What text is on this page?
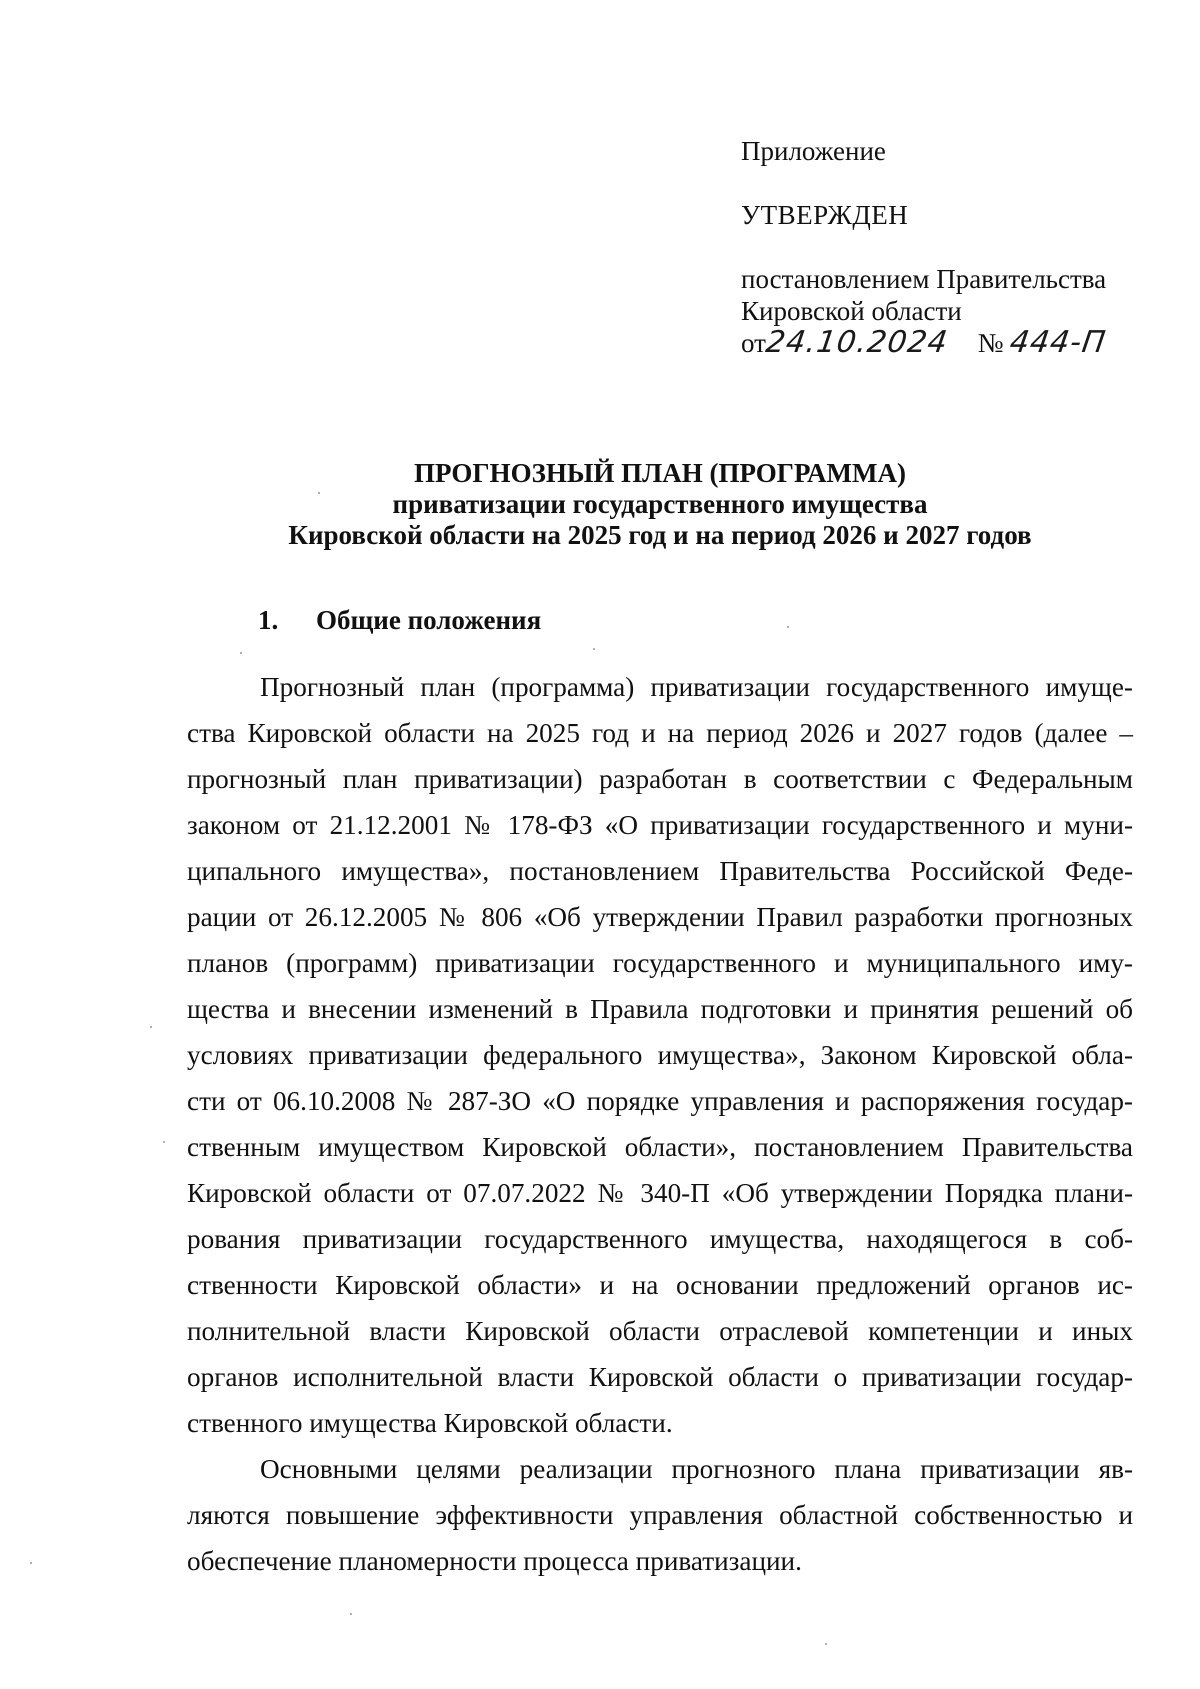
Приложение
УТВЕРЖДЕН
постановлением Правительства
Кировской области
от24.10.2024 № 444-П
ПРОГНОЗНЫЙ ПЛАН (ПРОГРАММА)
приватизации государственного имущества
Кировской области на 2025 год и на период 2026 и 2027 годов
1. Общие положения
Прогнозный план (программа) приватизации государственного имуще-
ства Кировской области на 2025 год и на период 2026 и 2027 годов (далее –
прогнозный план приватизации) разработан в соответствии с Федеральным
законом от 21.12.2001 № 178-ФЗ «О приватизации государственного и муни-
ципального имущества», постановлением Правительства Российской Феде-
рации от 26.12.2005 № 806 «Об утверждении Правил разработки прогнозных
планов (программ) приватизации государственного и муниципального иму-
щества и внесении изменений в Правила подготовки и принятия решений об
условиях приватизации федерального имущества», Законом Кировской обла-
сти от 06.10.2008 № 287-ЗО «О порядке управления и распоряжения государ-
ственным имуществом Кировской области», постановлением Правительства
Кировской области от 07.07.2022 № 340-П «Об утверждении Порядка плани-
рования приватизации государственного имущества, находящегося в соб-
ственности Кировской области» и на основании предложений органов ис-
полнительной власти Кировской области отраслевой компетенции и иных
органов исполнительной власти Кировской области о приватизации государ-
ственного имущества Кировской области.
Основными целями реализации прогнозного плана приватизации яв-
ляются повышение эффективности управления областной собственностью и
обеспечение планомерности процесса приватизации.
